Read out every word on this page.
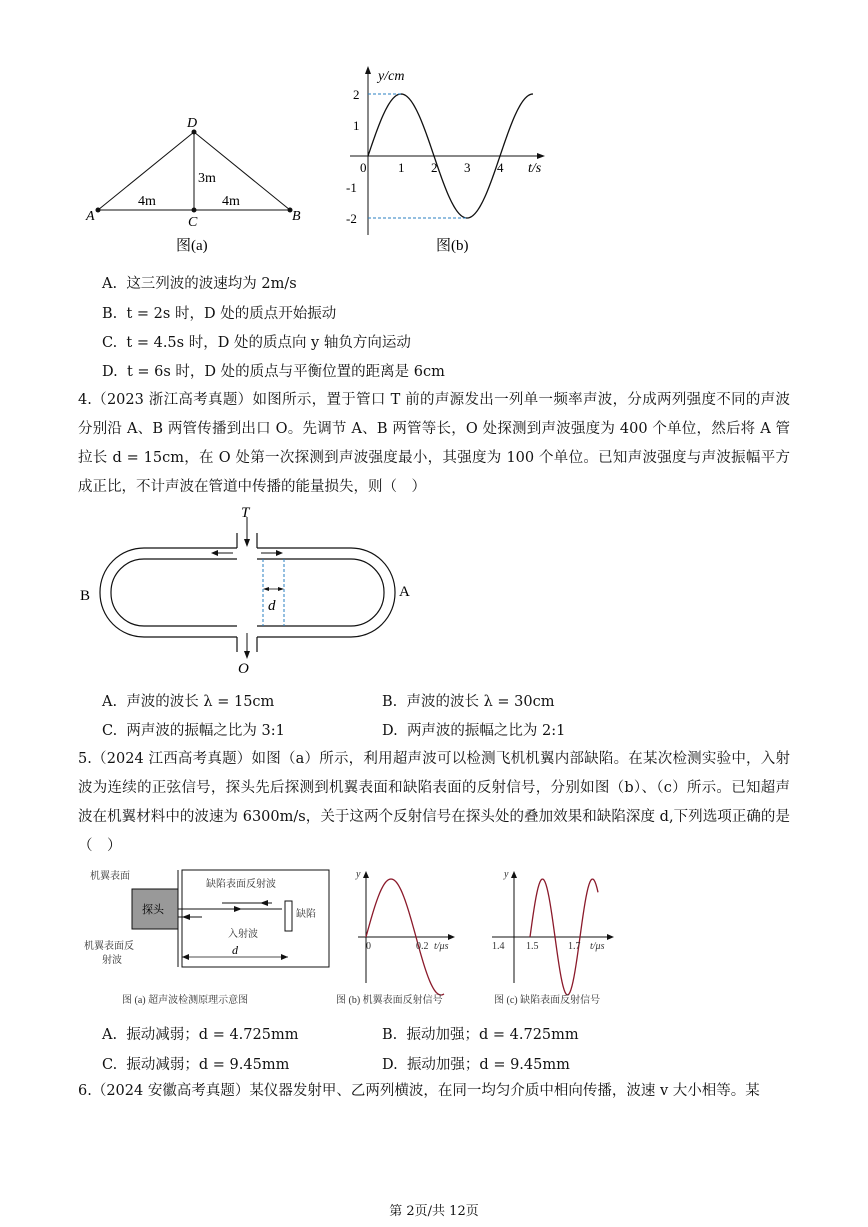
D
A	B
C
4m	4m
3m
图(a)
y/cm
t/s
0
2
1
-1
-2
1 2 3 4
图(b)
A. 这三列波的波速均为 2m/s
B. t = 2s 时，D 处的质点开始振动
C. t = 4.5s 时，D 处的质点向 y 轴负方向运动
D. t = 6s 时，D 处的质点与平衡位置的距离是 6cm
4.（2023 浙江高考真题）如图所示，置于管口 T 前的声源发出一列单一频率声波，分成两列强度不同的声波分别沿 A、B 两管传播到出口 O。先调节 A、B 两管等长，O 处探测到声波强度为 400 个单位，然后将 A 管拉长 d = 15cm，在 O 处第一次探测到声波强度最小，其强度为 100 个单位。已知声波强度与声波振幅平方成正比，不计声波在管道中传播的能量损失，则（　）
d
T
O
B	A
A. 声波的波长 λ = 15cm	B. 声波的波长 λ = 30cm
C. 两声波的振幅之比为 3:1	D. 两声波的振幅之比为 2:1
5.（2024 江西高考真题）如图（a）所示，利用超声波可以检测飞机机翼内部缺陷。在某次检测实验中，入射波为连续的正弦信号，探头先后探测到机翼表面和缺陷表面的反射信号，分别如图（b）、（c）所示。已知超声波在机翼材料中的波速为 6300m/s，关于这两个反射信号在探头处的叠加效果和缺陷深度 d,下列选项正确的是（　）
机翼表面
缺陷表面反射波
探头	缺陷
入射波
机翼表面反
射波
d
图 (a) 超声波检测原理示意图
y
0	0.2 t/μs
图 (b) 机翼表面反射信号
y
1.4 1.5	1.7 t/μs
图 (c) 缺陷表面反射信号
A. 振动减弱；d = 4.725mm	B. 振动加强；d = 4.725mm
C. 振动减弱；d = 9.45mm	D. 振动加强；d = 9.45mm
6.（2024 安徽高考真题）某仪器发射甲、乙两列横波，在同一均匀介质中相向传播，波速 v 大小相等。某
第 2页/共 12页
